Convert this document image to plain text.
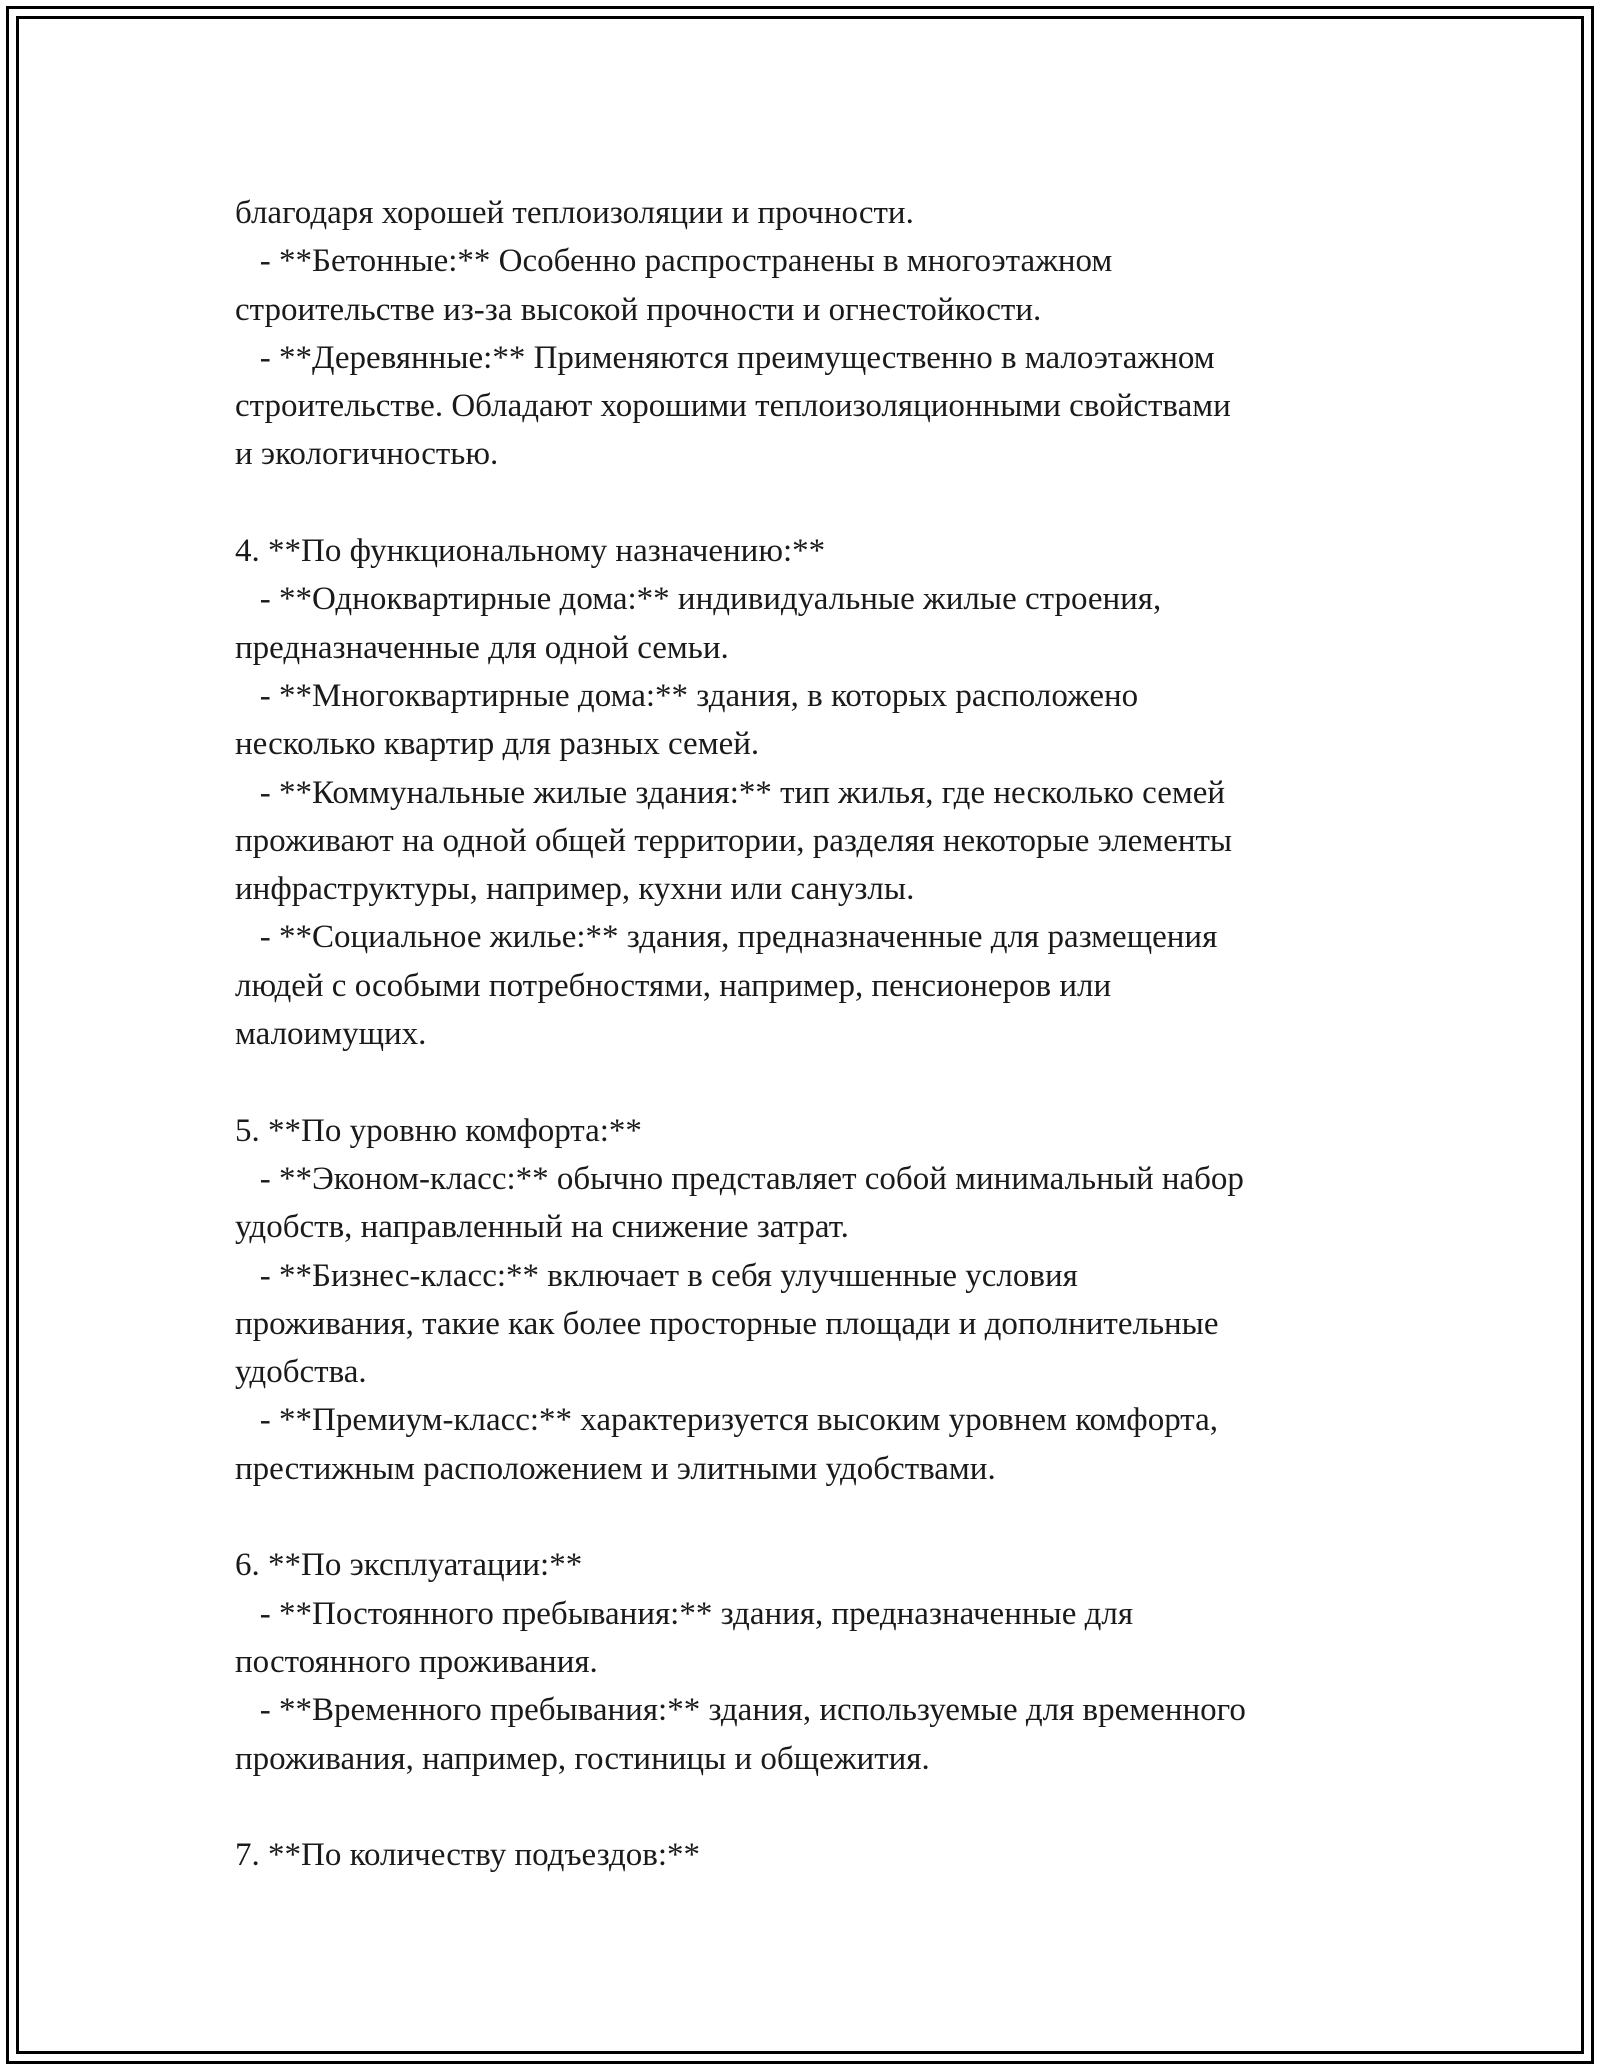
благодаря хорошей теплоизоляции и прочности.
- **Бетонные:** Особенно распространены в многоэтажном
строительстве из-за высокой прочности и огнестойкости.
- **Деревянные:** Применяются преимущественно в малоэтажном
строительстве. Обладают хорошими теплоизоляционными свойствами
и экологичностью.
4. **По функциональному назначению:**
- **Одноквартирные дома:** индивидуальные жилые строения,
предназначенные для одной семьи.
- **Многоквартирные дома:** здания, в которых расположено
несколько квартир для разных семей.
- **Коммунальные жилые здания:** тип жилья, где несколько семей
проживают на одной общей территории, разделяя некоторые элементы
инфраструктуры, например, кухни или санузлы.
- **Социальное жилье:** здания, предназначенные для размещения
людей с особыми потребностями, например, пенсионеров или
малоимущих.
5. **По уровню комфорта:**
- **Эконом-класс:** обычно представляет собой минимальный набор
удобств, направленный на снижение затрат.
- **Бизнес-класс:** включает в себя улучшенные условия
проживания, такие как более просторные площади и дополнительные
удобства.
- **Премиум-класс:** характеризуется высоким уровнем комфорта,
престижным расположением и элитными удобствами.
6. **По эксплуатации:**
- **Постоянного пребывания:** здания, предназначенные для
постоянного проживания.
- **Временного пребывания:** здания, используемые для временного
проживания, например, гостиницы и общежития.
7. **По количеству подъездов:**
